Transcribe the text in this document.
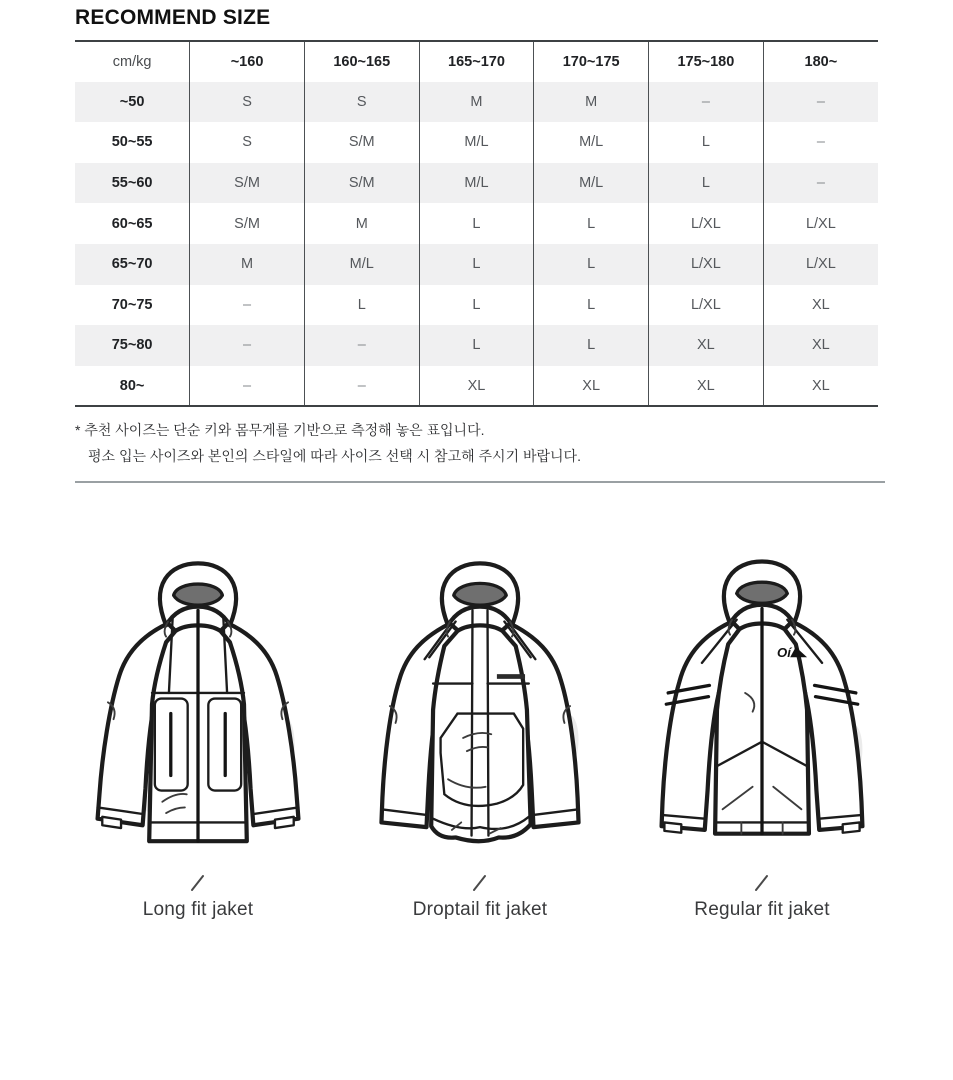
RECOMMEND SIZE
cm/kg	~160	160~165	165~170	170~175	175~180	180~
~50	S	S	M	M	–	–
50~55	S	S/M	M/L	M/L	L	–
55~60	S/M	S/M	M/L	M/L	L	–
60~65	S/M	M	L	L	L/XL	L/XL
65~70	M	M/L	L	L	L/XL	L/XL
70~75	–	L	L	L	L/XL	XL
75~80	–	–	L	L	XL	XL
80~	–	–	XL	XL	XL	XL
* 추천 사이즈는 단순 키와 몸무게를 기반으로 측정해 놓은 표입니다.
평소 입는 사이즈와 본인의 스타일에 따라 사이즈 선택 시 참고해 주시기 바랍니다.
Long fit jaket	Droptail fit jaket
Oí
Regular fit jaket
